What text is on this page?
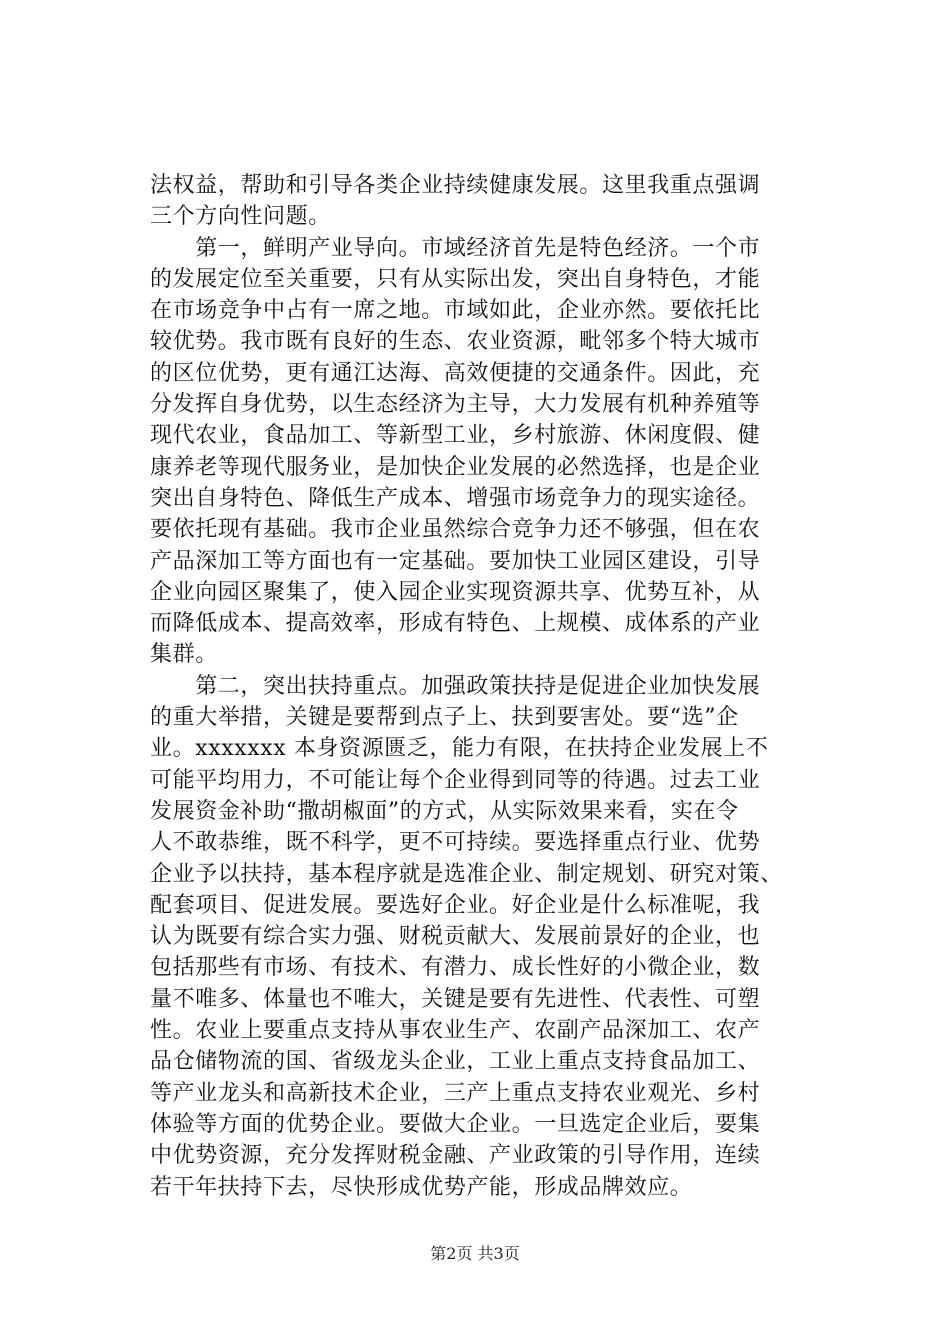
法权益，帮助和引导各类企业持续健康发展。这里我重点强调
三个方向性问题。
　　第一，鲜明产业导向。市域经济首先是特色经济。一个市
的发展定位至关重要，只有从实际出发，突出自身特色，才能
在市场竞争中占有一席之地。市域如此，企业亦然。要依托比
较优势。我市既有良好的生态、农业资源，毗邻多个特大城市
的区位优势，更有通江达海、高效便捷的交通条件。因此，充
分发挥自身优势，以生态经济为主导，大力发展有机种养殖等
现代农业，食品加工、等新型工业，乡村旅游、休闲度假、健
康养老等现代服务业，是加快企业发展的必然选择，也是企业
突出自身特色、降低生产成本、增强市场竞争力的现实途径。
要依托现有基础。我市企业虽然综合竞争力还不够强，但在农
产品深加工等方面也有一定基础。要加快工业园区建设，引导
企业向园区聚集了，使入园企业实现资源共享、优势互补，从
而降低成本、提高效率，形成有特色、上规模、成体系的产业
集群。
　　第二，突出扶持重点。加强政策扶持是促进企业加快发展
的重大举措，关键是要帮到点子上、扶到要害处。要“选”企
业。xxxxxxx 本身资源匮乏，能力有限，在扶持企业发展上不
可能平均用力，不可能让每个企业得到同等的待遇。过去工业
发展资金补助“撒胡椒面”的方式，从实际效果来看，实在令
人不敢恭维，既不科学，更不可持续。要选择重点行业、优势
企业予以扶持，基本程序就是选准企业、制定规划、研究对策、
配套项目、促进发展。要选好企业。好企业是什么标准呢，我
认为既要有综合实力强、财税贡献大、发展前景好的企业，也
包括那些有市场、有技术、有潜力、成长性好的小微企业，数
量不唯多、体量也不唯大，关键是要有先进性、代表性、可塑
性。农业上要重点支持从事农业生产、农副产品深加工、农产
品仓储物流的国、省级龙头企业，工业上重点支持食品加工、
等产业龙头和高新技术企业，三产上重点支持农业观光、乡村
体验等方面的优势企业。要做大企业。一旦选定企业后，要集
中优势资源，充分发挥财税金融、产业政策的引导作用，连续
若干年扶持下去，尽快形成优势产能，形成品牌效应。
第2页 共3页
